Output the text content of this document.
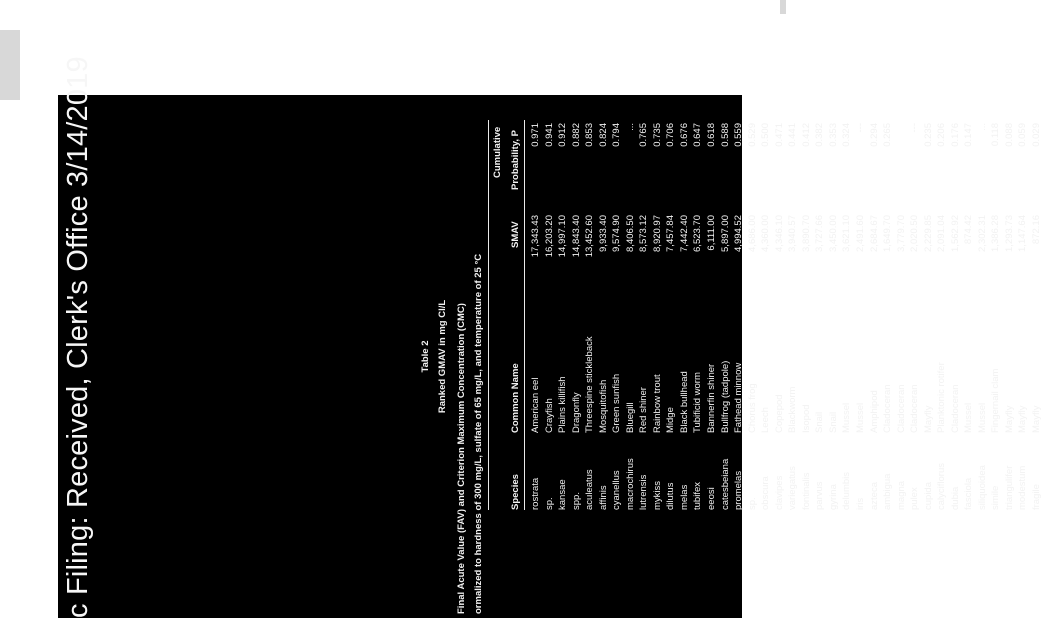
c Filing: Received, Clerk's Office 3/14/2019	Table 2 Ranked GMAV in mg Cl/L Final Acute Value (FAV) and Criterion Maximum Concentration (CMC) ormalized to hardness of 300 mg/L, sulfate of 65 mg/L, and temperature of 25 °C	Species
Common Name
SMAV
Cumulative Probability, P
rostrata
American eel
17,343.43
0.971
sp.
Crayfish
16,203.20
0.941
kansae
Plains killifish
14,997.10
0.912
spp.
Dragonfly
14,843.40
0.882
aculeatus
Threespine stickleback
13,452.60
0.853
affinis
Mosquitofish
9,933.40
0.824
cyanellus
Green sunfish
9,574.90
0.794
macrochirus
Bluegill
8,406.50
...
lutrensis
Red shiner
8,573.12
0.765
mykiss
Rainbow trout
8,920.97
0.735
dilutus
Midge
7,457.84
0.706
melas
Black bullhead
7,442.40
0.676
tubifex
Tubificid worm
6,523.70
0.647
eeosi
Bannerfin shiner
6,111.00
0.618
catesbeiana
Bullfrog (tadpole)
5,897.00
0.588
promelas
Fathead minnow
4,994.52
0.559
sp.
Chorus frog
4,686.00
0.529
obscura
Leech
4,360.00
0.500
clavipes
Copepod
4,346.10
0.471
variegatus
Blackworm
3,940.57
0.441
fontinalis
Isopod
3,890.70
0.412
parvus
Snail
3,727.66
0.382
gyrina
Snail
3,450.00
0.353
delumbis
Mussel
3,621.10
0.324
iris
Mussel
2,491.60
---
azteca
Amphipod
2,684.67
0.294
ambigua
Cladoceran
1,649.70
0.265
magna
Cladoceran
3,779.70
pulex
Cladoceran
2,020.50
---
cupida
Mayfly
2,229.85
0.235
calyciflorus
Planktonic rotifer
2,091.04
0.206
dubia
Cladoceran
1,562.92
0.176
fasciola
Mussel
874.42
0.147
siliquoidea
Mussel
2,302.31
...
simile
Fingernail clam
1,386.28
0.118
triangulifer
Mayfly
1,293.73
0.088
modestum
Mayfly
1,147.64
0.059
fragile
Mayfly
872.16
0.029
